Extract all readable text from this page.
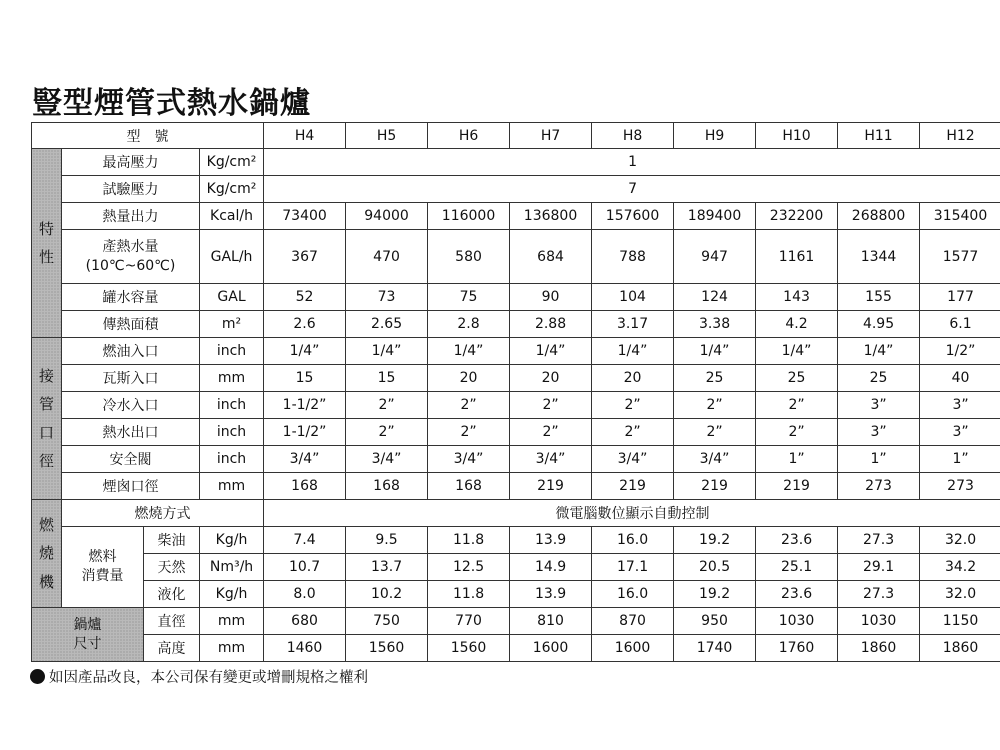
豎型煙管式熱水鍋爐
型　號				H4	H5	H6	H7	H8	H9	H10	H11	H12

特
性	最高壓力		Kg/cm²	1								
	試驗壓力		Kg/cm²	7								
	熱量出力		Kcal/h	73400	94000	116000	136800	157600	189400	232200	268800	315400

	產熱水量
(10℃~60℃)		GAL/h	367	470	580	684	788	947	1161	1344	1577
	罐水容量		GAL	52	73	75	90	104	124	143	155	177
	傳熱面積		m²	2.6	2.65	2.8	2.88	3.17	3.38	4.2	4.95	6.1

接
管
口
徑	燃油入口		inch	1/4”	1/4”	1/4”	1/4”	1/4”	1/4”	1/4”	1/4”	1/2”
	瓦斯入口		mm	15	15	20	20	20	25	25	25	40
	冷水入口		inch	1-1/2”	2”	2”	2”	2”	2”	2”	3”	3”
	熱水出口		inch	1-1/2”	2”	2”	2”	2”	2”	2”	3”	3”
	安全閥		inch	3/4”	3/4”	3/4”	3/4”	3/4”	3/4”	1”	1”	1”
	煙囪口徑		mm	168	168	168	219	219	219	219	273	273

燃
燒
機	燃燒方式			微電腦數位顯示自動控制								

	燃料
消費量	柴油	Kg/h	7.4	9.5	11.8	13.9	16.0	19.2	23.6	27.3	32.0
		天然	Nm³/h	10.7	13.7	12.5	14.9	17.1	20.5	25.1	29.1	34.2
		液化	Kg/h	8.0	10.2	11.8	13.9	16.0	19.2	23.6	27.3	32.0

鍋爐
尺寸		直徑	mm	680	750	770	810	870	950	1030	1030	1150
		高度	mm	1460	1560	1560	1600	1600	1740	1760	1860	1860
如因產品改良，本公司保有變更或增刪規格之權利
